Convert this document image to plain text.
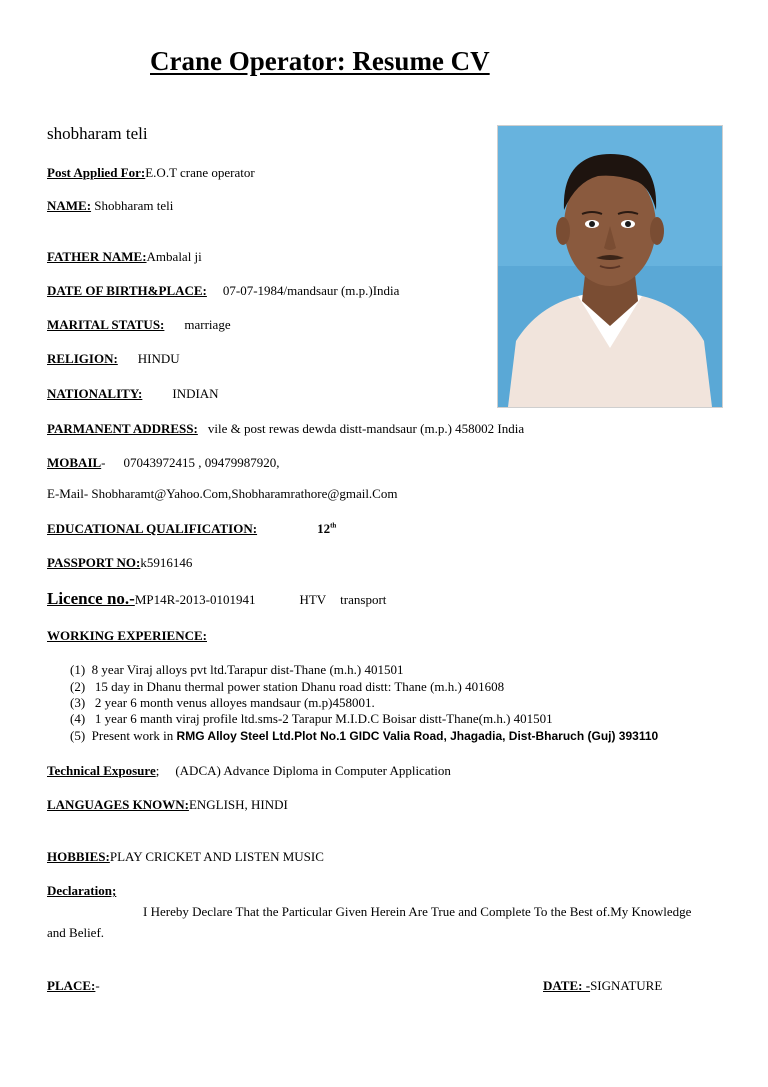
Crane Operator: Resume CV
shobharam teli
Post Applied For:E.O.T crane operator
NAME: Shobharam teli
FATHER NAME:Ambalal ji
DATE OF BIRTH&PLACE: 07-07-1984/mandsaur (m.p.)India
MARITAL STATUS: marriage
RELIGION: HINDU
NATIONALITY: INDIAN
PARMANENT ADDRESS: vile & post rewas dewda distt-mandsaur (m.p.) 458002 India
MOBAIL- 07043972415 , 09479987920,
E-Mail- Shobharamt@Yahoo.Com,Shobharamrathore@gmail.Com
EDUCATIONAL QUALIFICATION:	12th
PASSPORT NO:k5916146
Licence no.-MP14R-2013-0101941	HTV transport
WORKING EXPERIENCE:
(1) 8 year Viraj alloys pvt ltd.Tarapur dist-Thane (m.h.) 401501
(2) 15 day in Dhanu thermal power station Dhanu road distt: Thane (m.h.) 401608
(3) 2 year 6 month venus alloyes mandsaur (m.p)458001.
(4) 1 year 6 manth viraj profile ltd.sms-2 Tarapur M.I.D.C Boisar distt-Thane(m.h.) 401501
(5) Present work in RMG Alloy Steel Ltd.Plot No.1 GIDC Valia Road, Jhagadia, Dist-Bharuch (Guj) 393110
Technical Exposure; (ADCA) Advance Diploma in Computer Application
LANGUAGES KNOWN:ENGLISH, HINDI
HOBBIES:PLAY CRICKET AND LISTEN MUSIC
Declaration;
I Hereby Declare That the Particular Given Herein Are True and Complete To the Best of.My Knowledge and Belief.
PLACE:-	DATE: -SIGNATURE
